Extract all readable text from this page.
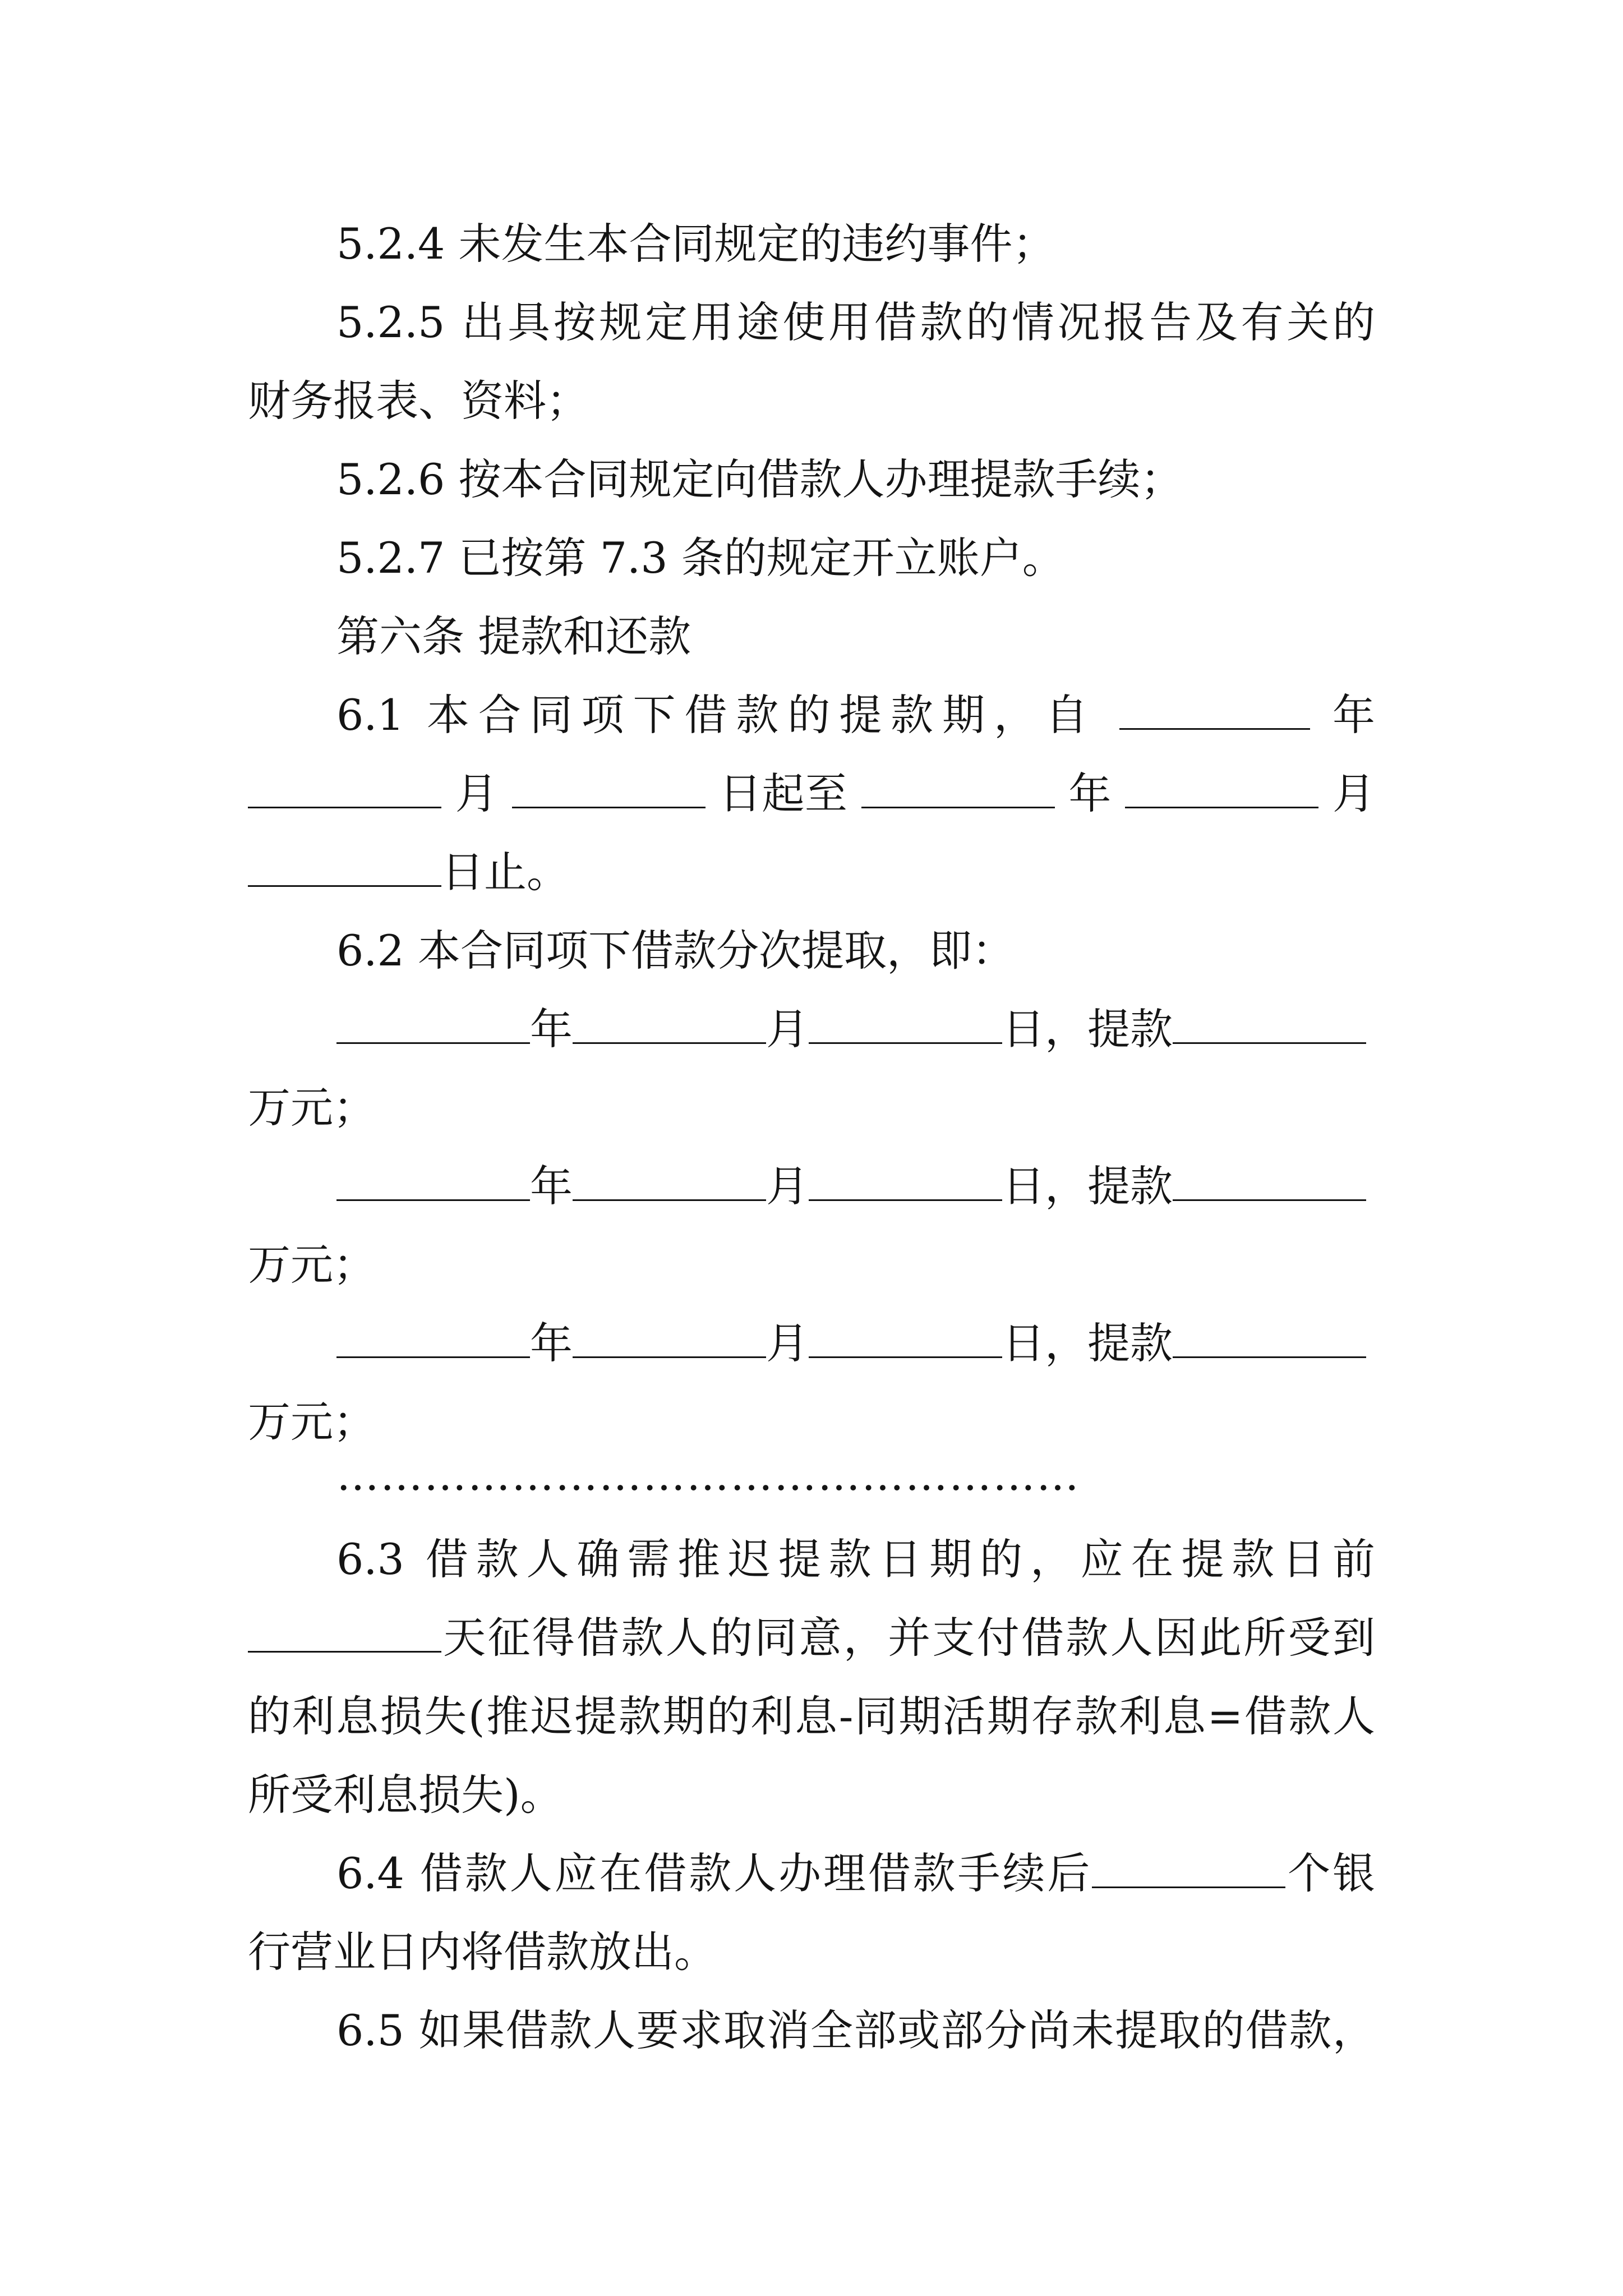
5.2.4 未发生本合同规定的违约事件；
5.2.5 出具按规定用途使用借款的情况报告及有关的
财务报表、资料；
5.2.6 按本合同规定向借款人办理提款手续；
5.2.7 已按第 7.3 条的规定开立账户。
第六条 提款和还款
6.1 本合同项下借款的提款期，自	年
月	日起至	年	月
日止。
6.2 本合同项下借款分次提取，即：
年	月	日，提款
万元；
年	月	日，提款
万元；
年	月	日，提款
万元；
……………………………………………
6.3 借款人确需推迟提款日期的，应在提款日前
天征得借款人的同意，并支付借款人因此所受到
的利息损失(推迟提款期的利息-同期活期存款利息=借款人
所受利息损失)。
6.4 借款人应在借款人办理借款手续后	个银
行营业日内将借款放出。
6.5 如果借款人要求取消全部或部分尚未提取的借款，
